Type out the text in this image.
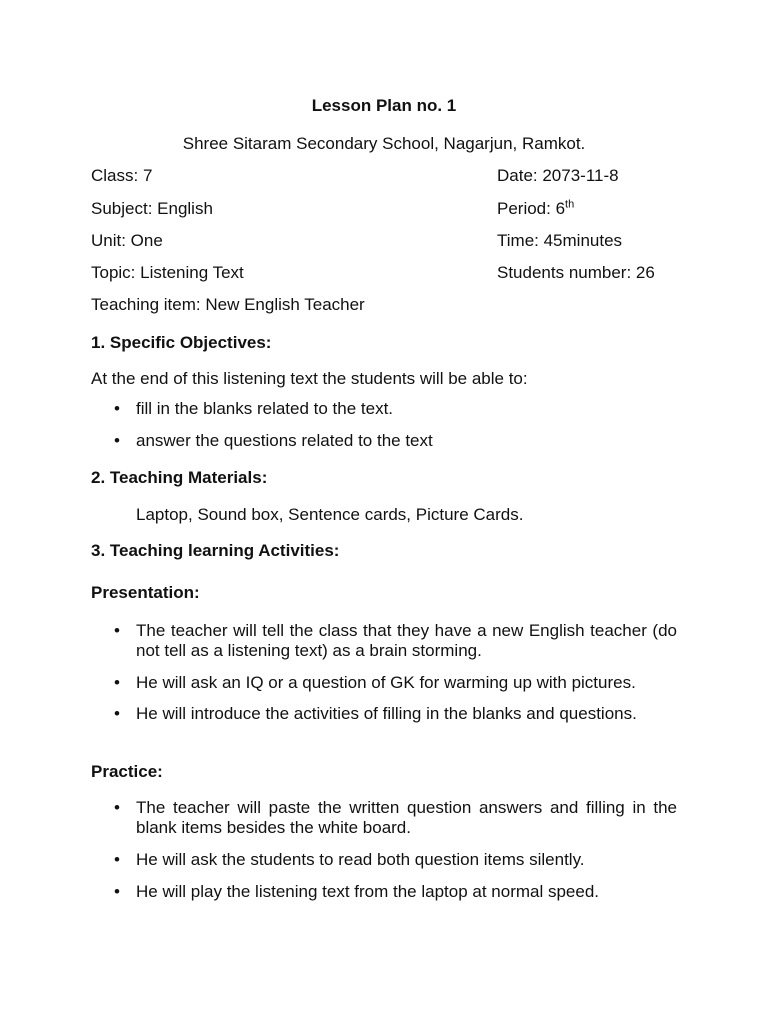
Lesson Plan no. 1
Shree Sitaram Secondary School, Nagarjun, Ramkot.
Class: 7	Date: 2073-11-8
Subject: English	Period: 6th
Unit: One	Time: 45minutes
Topic: Listening Text	Students number: 26
Teaching item: New English Teacher
1. Specific Objectives:
At the end of this listening text the students will be able to:
• fill in the blanks related to the text.
• answer the questions related to the text
2. Teaching Materials:
Laptop, Sound box, Sentence cards, Picture Cards.
3. Teaching learning Activities:
Presentation:
• The teacher will tell the class that they have a new English teacher (do not tell as a listening text) as a brain storming.
• He will ask an IQ or a question of GK for warming up with pictures.
• He will introduce the activities of filling in the blanks and questions.
Practice:
• The teacher will paste the written question answers and filling in the blank items besides the white board.
• He will ask the students to read both question items silently.
• He will play the listening text from the laptop at normal speed.
